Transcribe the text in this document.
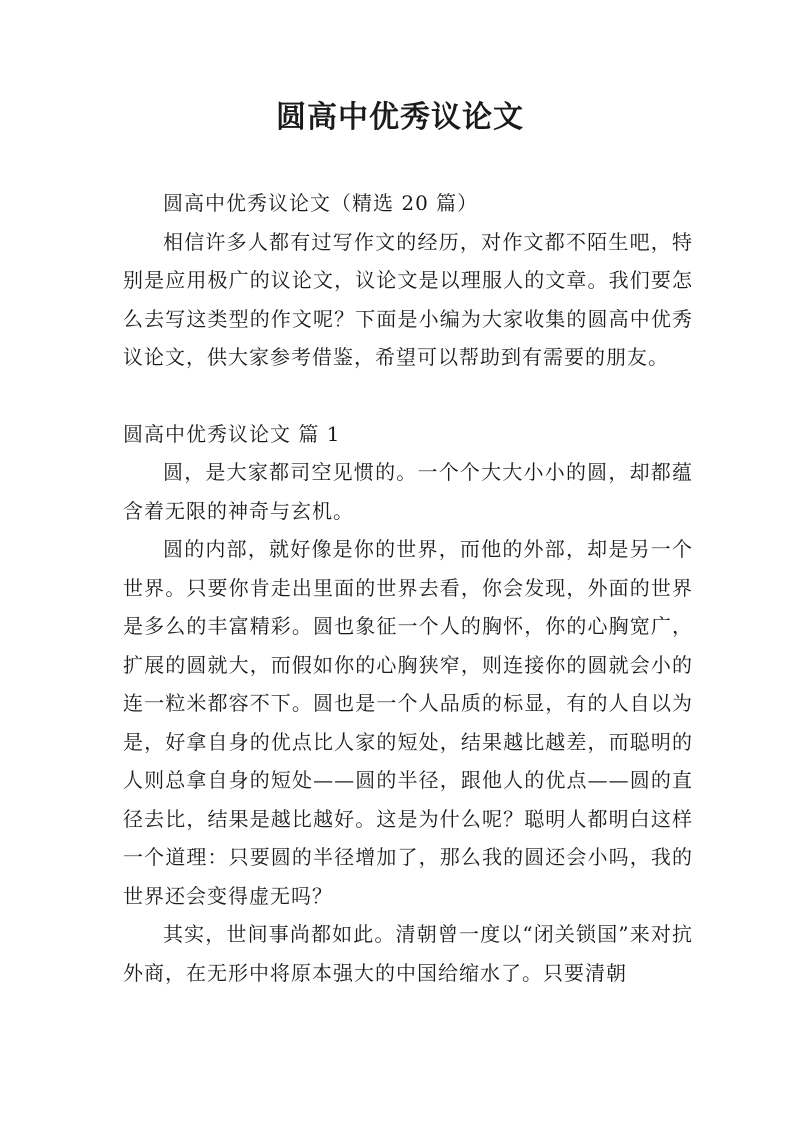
圆高中优秀议论文

圆高中优秀议论文（精选 20 篇）

相信许多人都有过写作文的经历，对作文都不陌生吧，特别是应用极广的议论文，议论文是以理服人的文章。我们要怎么去写这类型的作文呢？下面是小编为大家收集的圆高中优秀议论文，供大家参考借鉴，希望可以帮助到有需要的朋友。

圆高中优秀议论文 篇 1

圆，是大家都司空见惯的。一个个大大小小的圆，却都蕴含着无限的神奇与玄机。

圆的内部，就好像是你的世界，而他的外部，却是另一个世界。只要你肯走出里面的世界去看，你会发现，外面的世界是多么的丰富精彩。圆也象征一个人的胸怀，你的心胸宽广，扩展的圆就大，而假如你的心胸狭窄，则连接你的圆就会小的连一粒米都容不下。圆也是一个人品质的标显，有的人自以为是，好拿自身的优点比人家的短处，结果越比越差，而聪明的人则总拿自身的短处——圆的半径，跟他人的优点——圆的直径去比，结果是越比越好。这是为什么呢？聪明人都明白这样一个道理：只要圆的半径增加了，那么我的圆还会小吗，我的世界还会变得虚无吗？

其实，世间事尚都如此。清朝曾一度以“闭关锁国”来对抗外商，在无形中将原本强大的中国给缩水了。只要清朝
